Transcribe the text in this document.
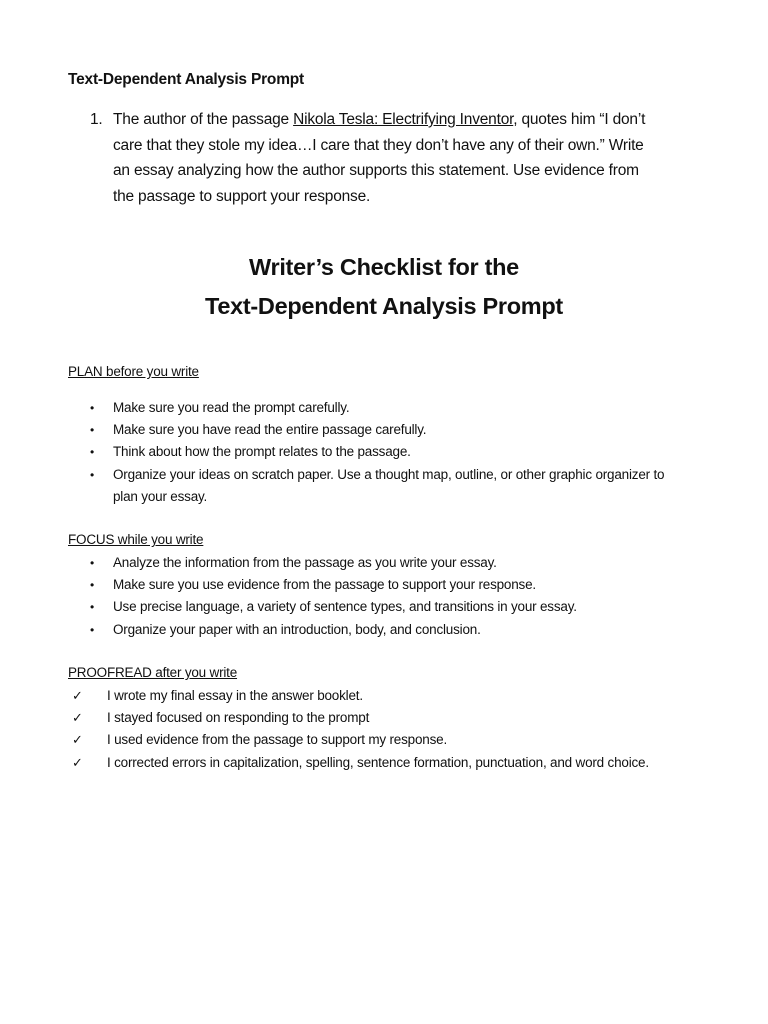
Text-Dependent Analysis Prompt
1. The author of the passage Nikola Tesla: Electrifying Inventor, quotes him “I don’t
care that they stole my idea…I care that they don’t have any of their own.” Write
an essay analyzing how the author supports this statement. Use evidence from
the passage to support your response.
Writer’s Checklist for the
Text-Dependent Analysis Prompt
PLAN before you write
• Make sure you read the prompt carefully.
• Make sure you have read the entire passage carefully.
• Think about how the prompt relates to the passage.
• Organize your ideas on scratch paper. Use a thought map, outline, or other graphic organizer to plan your essay.
FOCUS while you write
• Analyze the information from the passage as you write your essay.
• Make sure you use evidence from the passage to support your response.
• Use precise language, a variety of sentence types, and transitions in your essay.
• Organize your paper with an introduction, body, and conclusion.
PROOFREAD after you write
✓ I wrote my final essay in the answer booklet.
✓ I stayed focused on responding to the prompt
✓ I used evidence from the passage to support my response.
✓ I corrected errors in capitalization, spelling, sentence formation, punctuation, and word choice.
